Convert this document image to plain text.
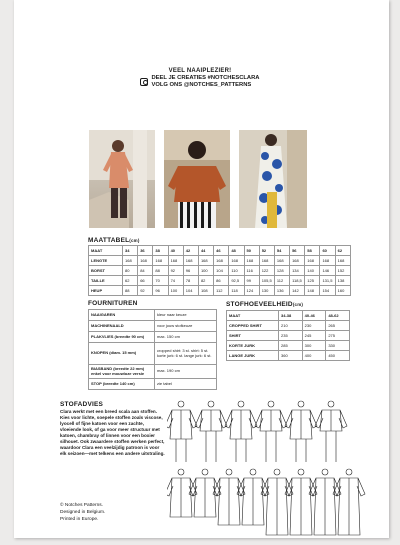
VEEL NAAIPLEZIER!
DEEL JE CREATIES #NOTCHESCLARA
VOLG ONS @NOTCHES_PATTERNS
MAATTABEL(cm)
MAAT	34	36	38	40	42	44	46	48	50	52	54	56	58	60	62
LENGTE	168	168	168	168	168	168	168	168	168	168	168	168	168	168	168
BORST	80	84	88	92	96	100	104	110	116	122	128	134	140	146	152
TAILLE	62	66	70	74	78	82	86	92,5	99	105,5	112	118,5	125	131,5	138
HEUP	88	92	96	100	104	108	112	118	124	130	136	142	148	154	160
FOURNITUREN
NAAIGAREN	kleur naar keuze
MACHINENAALD	voor jouw stofkeuze
PLAKVLIES (breedte 90 cm)	max. 150 cm
KNOPEN (diam. 15 mm)	cropped shirt: 3 st. shirt: 5 st. korte jurk: 6 st. lange jurk: 6 st.
BIASBAND (breedte 22 mm) enkel voor mouwloze versie	max. 190 cm
STOP (breedte 140 cm)	zie tabel
STOFHOEVEELHEID(cm)
MAAT	34-38	40-46	48-62
CROPPED SHIRT	210	230	265
SHIRT	235	245	275
KORTE JURK	285	300	330
LANGE JURK	360	400	450
STOFADVIES
Clara werkt met een breed scala aan stoffen. Kies voor lichte, soepele stoffen zoals viscose, lyocell of fijne katoen voor een zachte, vloeiende look, of ga voor meer structuur met katoen, chambray of linnen voor een boxier silhouet. Ook zwaardere stoffen werken perfect, waardoor Clara een veelzijdig patroon is voor elk seizoen—met telkens een andere uitstraling.
© Notches Patterns.
Designed in Belgium.
Printed in Europe.
